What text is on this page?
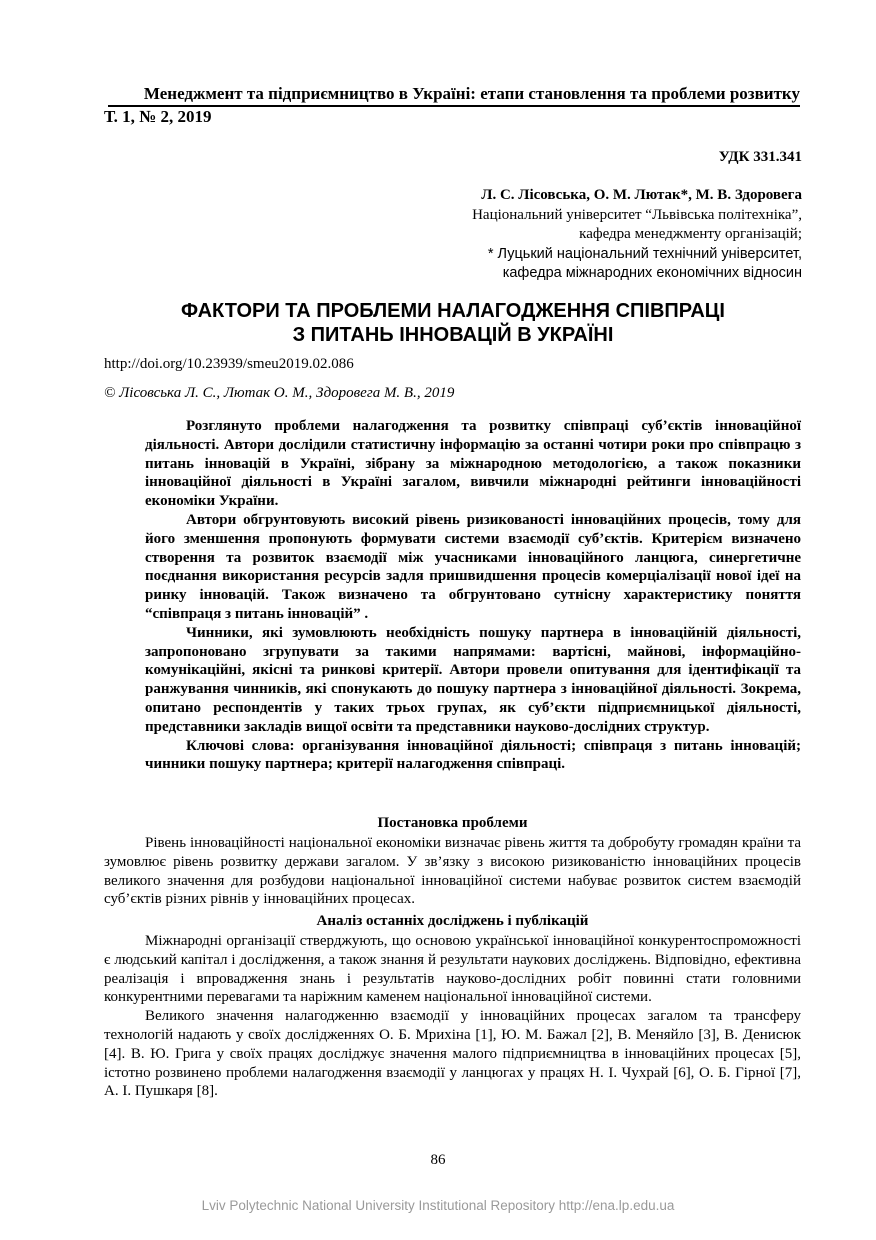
Менеджмент та підприємництво в Україні: етапи становлення та проблеми розвитку
Т. 1, № 2, 2019
УДК 331.341
Л. С. Лісовська, О. М. Лютак*, М. В. Здоровега
Національний університет “Львівська політехніка”,
кафедра менеджменту організацій;
* Луцький національний технічний університет,
кафедра міжнародних економічних відносин
ФАКТОРИ ТА ПРОБЛЕМИ НАЛАГОДЖЕННЯ СПІВПРАЦІ
З ПИТАНЬ ІННОВАЦІЙ В УКРАЇНІ
http://doi.org/10.23939/smeu2019.02.086
© Лісовська Л. С., Лютак О. М., Здоровега М. В., 2019

Розглянуто проблеми налагодження та розвитку співпраці суб’єктів інноваційної діяльності. Автори дослідили статистичну інформацію за останні чотири роки про співпрацю з питань інновацій в Україні, зібрану за міжнародною методологією, а також показники інноваційної діяльності в Україні загалом, вивчили міжнародні рейтинги інноваційності економіки України.

Автори обгрунтовують високий рівень ризикованості інноваційних процесів, тому для його зменшення пропонують формувати системи взаємодії суб’єктів. Критерієм визначено створення та розвиток взаємодії між учасниками інноваційного ланцюга, синергетичне поєднання використання ресурсів задля пришвидшення процесів комерціалізації нової ідеї на ринку інновацій. Також визначено та обгрунтовано сутнісну характеристику поняття “співпраця з питань інновацій” .

Чинники, які зумовлюють необхідність пошуку партнера в інноваційній діяльності, запропоновано згрупувати за такими напрямами: вартісні, майнові, інформаційно-комунікаційні, якісні та ринкові критерії. Автори провели опитування для ідентифікації та ранжування чинників, які спонукають до пошуку партнера з інноваційної діяльності. Зокрема, опитано респондентів у таких трьох групах, як суб’єкти підприємницької діяльності, представники закладів вищої освіти та представники науково-дослідних структур.

Ключові слова: організування інноваційної діяльності; співпраця з питань інновацій; чинники пошуку партнера; критерії налагодження співпраці.

Постановка проблеми

Рівень інноваційності національної економіки визначає рівень життя та добробуту громадян країни та зумовлює рівень розвитку держави загалом. У зв’язку з високою ризикованістю інноваційних процесів великого значення для розбудови національної інноваційної системи набуває розвиток систем взаємодій суб’єктів різних рівнів у інноваційних процесах.

Аналіз останніх досліджень і публікацій

Міжнародні організації стверджують, що основою української інноваційної конкурентоспроможності є людський капітал і дослідження, а також знання й результати наукових досліджень. Відповідно, ефективна реалізація і впровадження знань і результатів науково-дослідних робіт повинні стати головними конкурентними перевагами та наріжним каменем національної інноваційної системи.

Великого значення налагодженню взаємодії у інноваційних процесах загалом та трансферу технологій надають у своїх дослідженнях О. Б. Мрихіна [1], Ю. М. Бажал [2], В. Меняйло [3], В. Денисюк [4]. В. Ю. Грига у своїх працях досліджує значення малого підприємництва в інноваційних процесах [5], істотно розвинено проблеми налагодження взаємодії у ланцюгах у працях Н. І. Чухрай [6], О. Б. Гірної [7], А. І. Пушкаря [8].

86
Lviv Polytechnic National University Institutional Repository http://ena.lp.edu.ua
